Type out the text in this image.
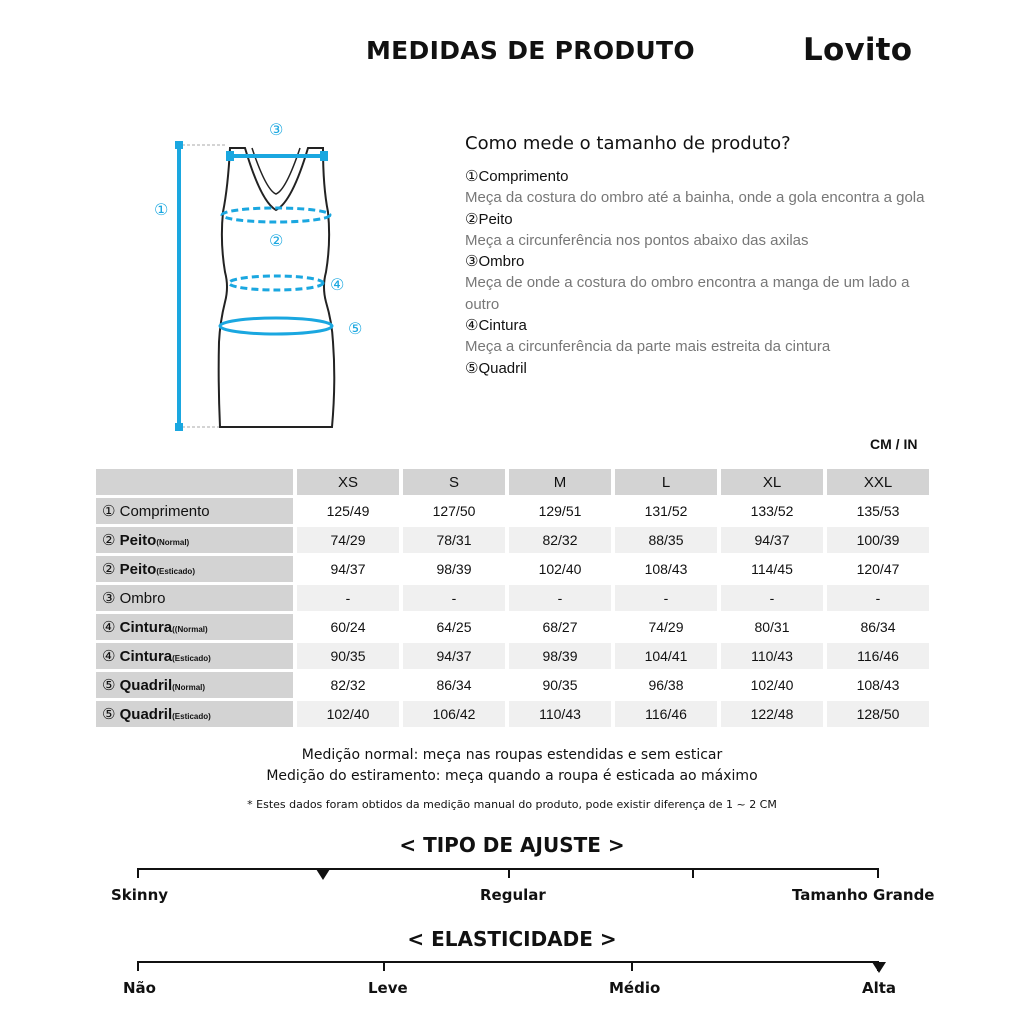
MEDIDAS DE PRODUTO	Lovito
①
②
③
④
⑤
Como mede o tamanho de produto?
①Comprimento
Meça da costura do ombro até a bainha, onde a gola encontra a gola
②Peito
Meça a circunferência nos pontos abaixo das axilas
③Ombro
Meça de onde a costura do ombro encontra a manga de um lado a outro
④Cintura
Meça a circunferência da parte mais estreita da cintura
⑤Quadril
CM / IN
	XS	S	M	L	XL	XXL
① Comprimento	125/49	127/50	129/51	131/52	133/52	135/53
② Peito(Normal)	74/29	78/31	82/32	88/35	94/37	100/39
② Peito(Esticado)	94/37	98/39	102/40	108/43	114/45	120/47
③ Ombro	-	-	-	-	-	-
④ Cintura((Normal)	60/24	64/25	68/27	74/29	80/31	86/34
④ Cintura(Esticado)	90/35	94/37	98/39	104/41	110/43	116/46
⑤ Quadril(Normal)	82/32	86/34	90/35	96/38	102/40	108/43
⑤ Quadril(Esticado)	102/40	106/42	110/43	116/46	122/48	128/50
Medição normal: meça nas roupas estendidas e sem esticar
Medição do estiramento: meça quando a roupa é esticada ao máximo
* Estes dados foram obtidos da medição manual do produto, pode existir diferença de 1 ~ 2 CM
< TIPO DE AJUSTE >
Skinny	Regular	Tamanho Grande
< ELASTICIDADE >
Não	Leve	Médio	Alta
